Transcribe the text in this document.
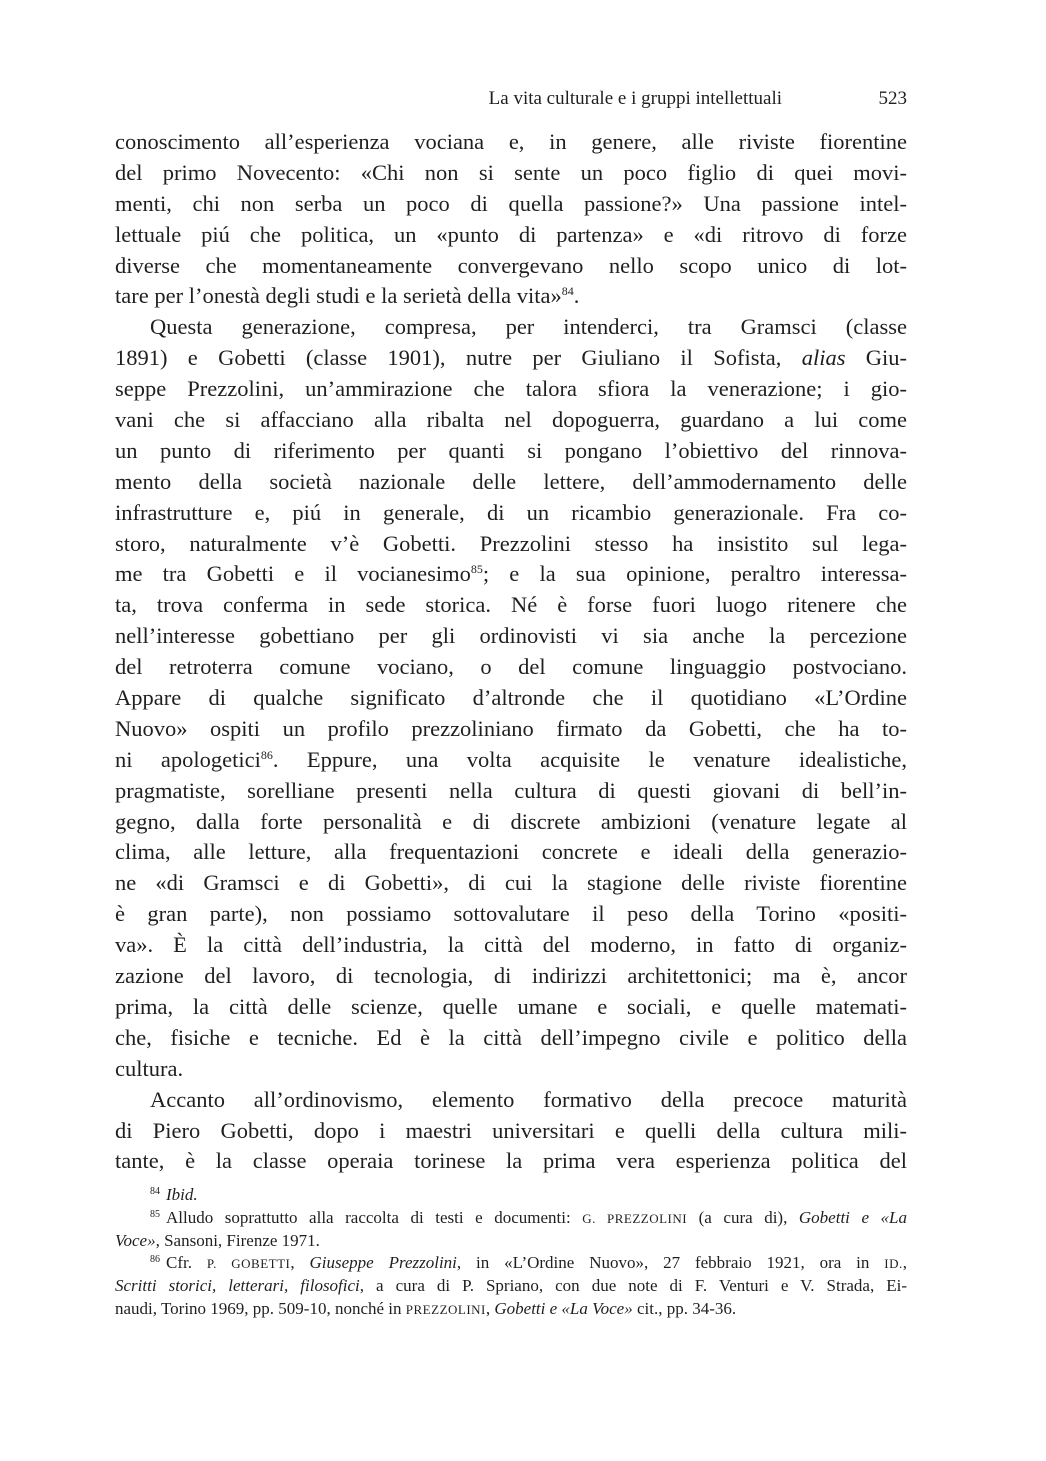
La vita culturale e i gruppi intellettuali	523
conoscimento all’esperienza vociana e, in genere, alle riviste fiorentine
del primo Novecento: «Chi non si sente un poco figlio di quei movi-
menti, chi non serba un poco di quella passione?» Una passione intel-
lettuale piú che politica, un «punto di partenza» e «di ritrovo di forze
diverse che momentaneamente convergevano nello scopo unico di lot-
tare per l’onestà degli studi e la serietà della vita»$^{84}$.
Questa generazione, compresa, per intenderci, tra Gramsci (classe
1891) e Gobetti (classe 1901), nutre per Giuliano il Sofista, alias Giu-
seppe Prezzolini, un’ammirazione che talora sfiora la venerazione; i gio-
vani che si affacciano alla ribalta nel dopoguerra, guardano a lui come
un punto di riferimento per quanti si pongano l’obiettivo del rinnova-
mento della società nazionale delle lettere, dell’ammodernamento delle
infrastrutture e, piú in generale, di un ricambio generazionale. Fra co-
storo, naturalmente v’è Gobetti. Prezzolini stesso ha insistito sul lega-
me tra Gobetti e il vocianesimo$^{85}$; e la sua opinione, peraltro interessa-
ta, trova conferma in sede storica. Né è forse fuori luogo ritenere che
nell’interesse gobettiano per gli ordinovisti vi sia anche la percezione
del retroterra comune vociano, o del comune linguaggio postvociano.
Appare di qualche significato d’altronde che il quotidiano «L’Ordine
Nuovo» ospiti un profilo prezzoliniano firmato da Gobetti, che ha to-
ni apologetici$^{86}$. Eppure, una volta acquisite le venature idealistiche,
pragmatiste, sorelliane presenti nella cultura di questi giovani di bell’in-
gegno, dalla forte personalità e di discrete ambizioni (venature legate al
clima, alle letture, alla frequentazioni concrete e ideali della generazio-
ne «di Gramsci e di Gobetti», di cui la stagione delle riviste fiorentine
è gran parte), non possiamo sottovalutare il peso della Torino «positi-
va». È la città dell’industria, la città del moderno, in fatto di organiz-
zazione del lavoro, di tecnologia, di indirizzi architettonici; ma è, ancor
prima, la città delle scienze, quelle umane e sociali, e quelle matemati-
che, fisiche e tecniche. Ed è la città dell’impegno civile e politico della
cultura.
Accanto all’ordinovismo, elemento formativo della precoce maturità
di Piero Gobetti, dopo i maestri universitari e quelli della cultura mili-
tante, è la classe operaia torinese la prima vera esperienza politica del
$^{84}$ Ibid.
$^{85}$ Alludo soprattutto alla raccolta di testi e documenti: G. PREZZOLINI (a cura di), Gobetti e «La
Voce», Sansoni, Firenze 1971.
$^{86}$ Cfr. P. GOBETTI, Giuseppe Prezzolini, in «L’Ordine Nuovo», 27 febbraio 1921, ora in ID.,
Scritti storici, letterari, filosofici, a cura di P. Spriano, con due note di F. Venturi e V. Strada, Ei-
naudi, Torino 1969, pp. 509-10, nonché in PREZZOLINI, Gobetti e «La Voce» cit., pp. 34-36.
